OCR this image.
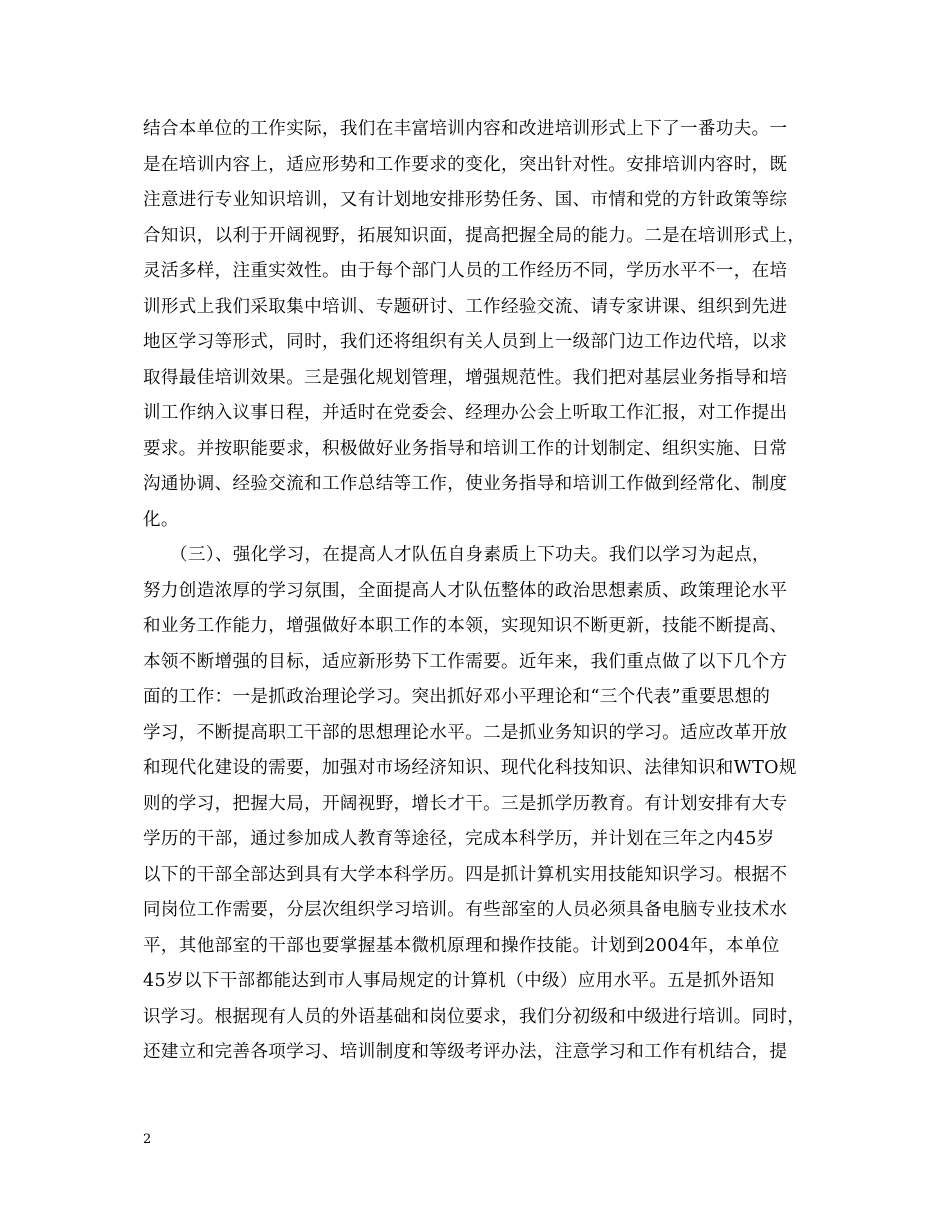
结合本单位的工作实际，我们在丰富培训内容和改进培训形式上下了一番功夫。一
是在培训内容上，适应形势和工作要求的变化，突出针对性。安排培训内容时，既
注意进行专业知识培训，又有计划地安排形势任务、国、市情和党的方针政策等综
合知识，以利于开阔视野，拓展知识面，提高把握全局的能力。二是在培训形式上，
灵活多样，注重实效性。由于每个部门人员的工作经历不同，学历水平不一，在培
训形式上我们采取集中培训、专题研讨、工作经验交流、请专家讲课、组织到先进
地区学习等形式，同时，我们还将组织有关人员到上一级部门边工作边代培，以求
取得最佳培训效果。三是强化规划管理，增强规范性。我们把对基层业务指导和培
训工作纳入议事日程，并适时在党委会、经理办公会上听取工作汇报，对工作提出
要求。并按职能要求，积极做好业务指导和培训工作的计划制定、组织实施、日常
沟通协调、经验交流和工作总结等工作，使业务指导和培训工作做到经常化、制度
化。
　　（三）、强化学习，在提高人才队伍自身素质上下功夫。我们以学习为起点，
努力创造浓厚的学习氛围，全面提高人才队伍整体的政治思想素质、政策理论水平
和业务工作能力，增强做好本职工作的本领，实现知识不断更新，技能不断提高、
本领不断增强的目标，适应新形势下工作需要。近年来，我们重点做了以下几个方
面的工作：一是抓政治理论学习。突出抓好邓小平理论和“三个代表”重要思想的
学习，不断提高职工干部的思想理论水平。二是抓业务知识的学习。适应改革开放
和现代化建设的需要，加强对市场经济知识、现代化科技知识、法律知识和WTO规
则的学习，把握大局，开阔视野，增长才干。三是抓学历教育。有计划安排有大专
学历的干部，通过参加成人教育等途径，完成本科学历，并计划在三年之内45岁
以下的干部全部达到具有大学本科学历。四是抓计算机实用技能知识学习。根据不
同岗位工作需要，分层次组织学习培训。有些部室的人员必须具备电脑专业技术水
平，其他部室的干部也要掌握基本微机原理和操作技能。计划到2004年，本单位
45岁以下干部都能达到市人事局规定的计算机（中级）应用水平。五是抓外语知
识学习。根据现有人员的外语基础和岗位要求，我们分初级和中级进行培训。同时，
还建立和完善各项学习、培训制度和等级考评办法，注意学习和工作有机结合，提
2
